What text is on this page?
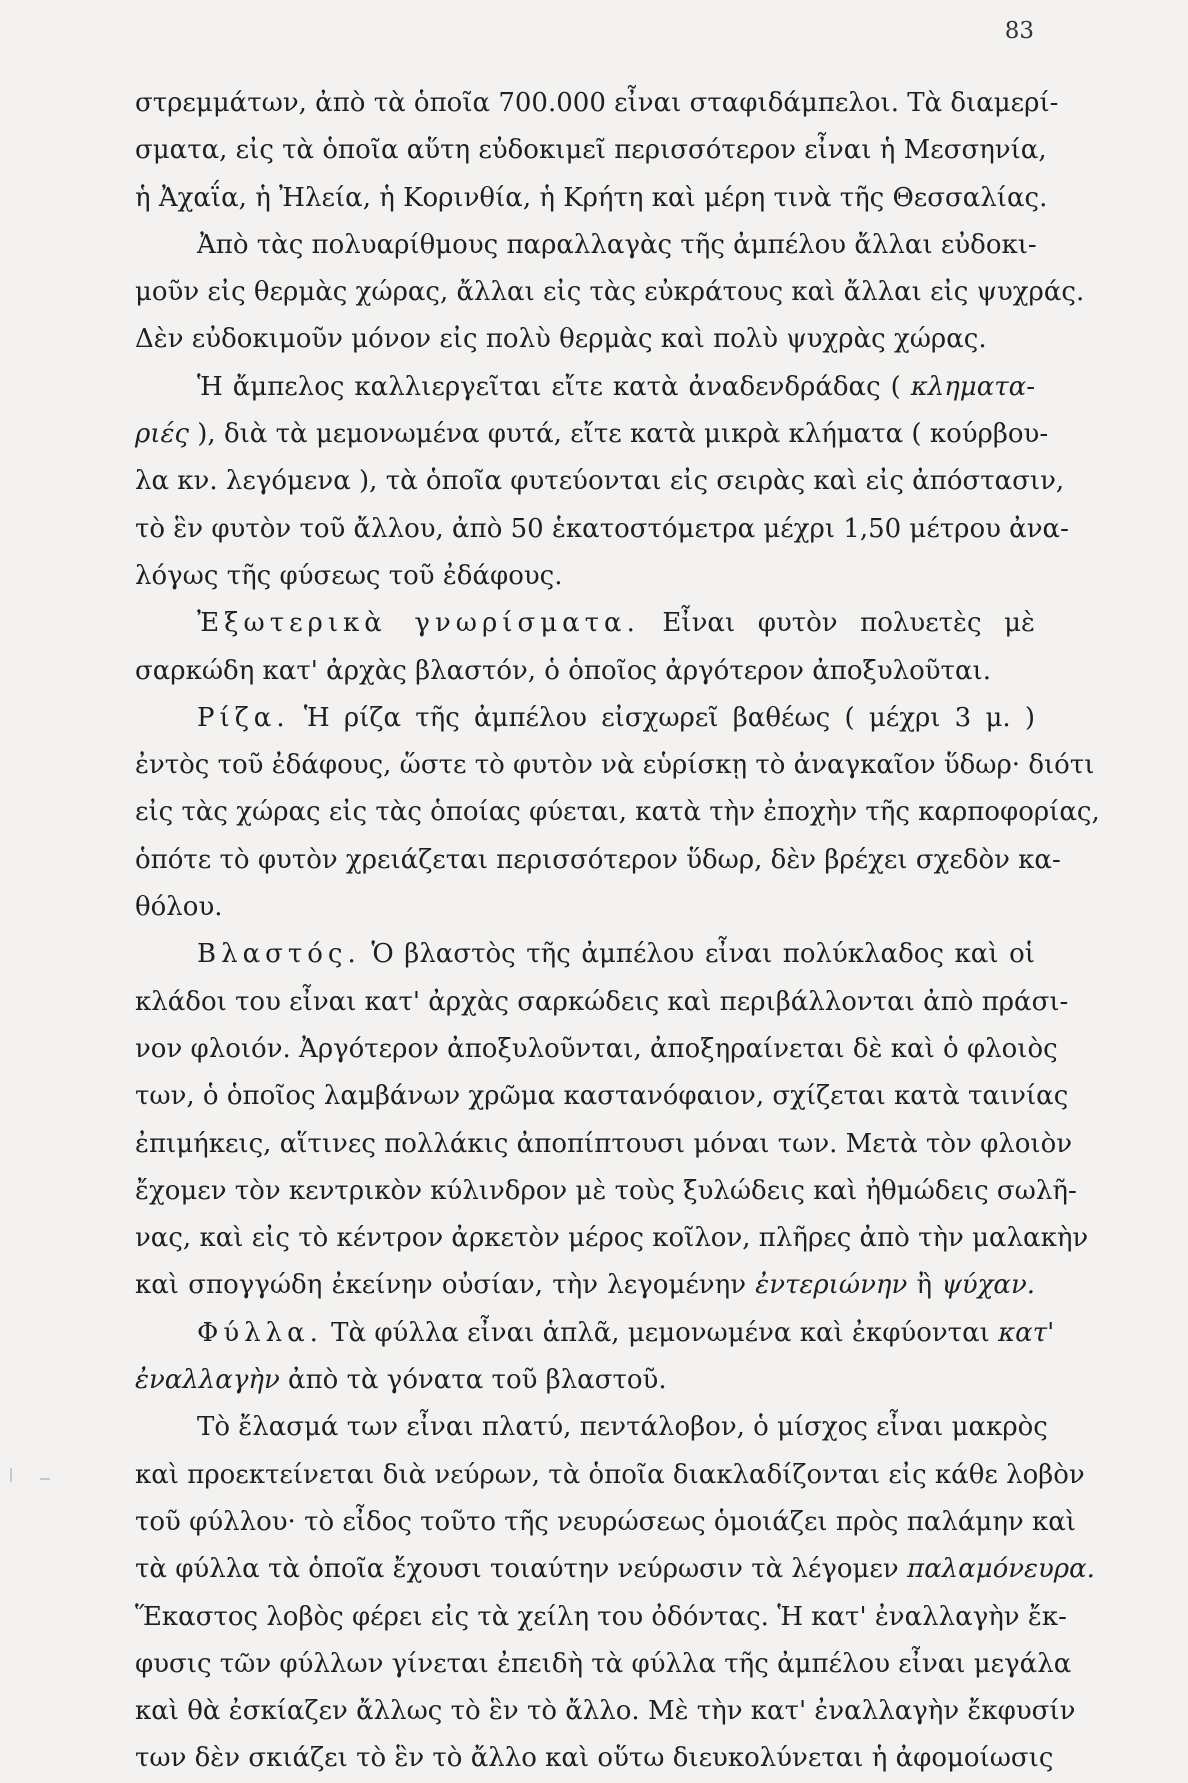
83
στρεμμάτων, ἀπὸ τὰ ὁποῖα 700.000 εἶναι σταφιδάμπελοι. Τὰ διαμερί-
σματα, εἰς τὰ ὁποῖα αὕτη εὐδοκιμεῖ περισσότερον εἶναι ἡ Μεσσηνία,
ἡ Ἀχαΐα, ἡ Ἠλεία, ἡ Κορινθία, ἡ Κρήτη καὶ μέρη τινὰ τῆς Θεσσαλίας.
Ἀπὸ τὰς πολυαρίθμους παραλλαγὰς τῆς ἀμπέλου ἄλλαι εὐδοκι-
μοῦν εἰς θερμὰς χώρας, ἄλλαι εἰς τὰς εὐκράτους καὶ ἄλλαι εἰς ψυχράς.
Δὲν εὐδοκιμοῦν μόνον εἰς πολὺ θερμὰς καὶ πολὺ ψυχρὰς χώρας.
Ἡ ἄμπελος καλλιεργεῖται εἴτε κατὰ ἀναδενδράδας ( κληματα-
ριές ), διὰ τὰ μεμονωμένα φυτά, εἴτε κατὰ μικρὰ κλήματα ( κούρβου-
λα κν. λεγόμενα ), τὰ ὁποῖα φυτεύονται εἰς σειρὰς καὶ εἰς ἀπόστασιν,
τὸ ἓν φυτὸν τοῦ ἄλλου, ἀπὸ 50 ἑκατοστόμετρα μέχρι 1,50 μέτρου ἀνα-
λόγως τῆς φύσεως τοῦ ἐδάφους.
Ἐξωτερικὰ γνωρίσματα. Εἶναι φυτὸν πολυετὲς μὲ
σαρκώδη κατ' ἀρχὰς βλαστόν, ὁ ὁποῖος ἀργότερον ἀποξυλοῦται.
Ρίζα. Ἡ ρίζα τῆς ἀμπέλου εἰσχωρεῖ βαθέως ( μέχρι 3 μ. )
ἐντὸς τοῦ ἐδάφους, ὥστε τὸ φυτὸν νὰ εὑρίσκῃ τὸ ἀναγκαῖον ὕδωρ· διότι
εἰς τὰς χώρας εἰς τὰς ὁποίας φύεται, κατὰ τὴν ἐποχὴν τῆς καρποφορίας,
ὁπότε τὸ φυτὸν χρειάζεται περισσότερον ὕδωρ, δὲν βρέχει σχεδὸν κα-
θόλου.
Βλαστός. Ὁ βλαστὸς τῆς ἀμπέλου εἶναι πολύκλαδος καὶ οἱ
κλάδοι του εἶναι κατ' ἀρχὰς σαρκώδεις καὶ περιβάλλονται ἀπὸ πράσι-
νον φλοιόν. Ἀργότερον ἀποξυλοῦνται, ἀποξηραίνεται δὲ καὶ ὁ φλοιὸς
των, ὁ ὁποῖος λαμβάνων χρῶμα καστανόφαιον, σχίζεται κατὰ ταινίας
ἐπιμήκεις, αἵτινες πολλάκις ἀποπίπτουσι μόναι των. Μετὰ τὸν φλοιὸν
ἔχομεν τὸν κεντρικὸν κύλινδρον μὲ τοὺς ξυλώδεις καὶ ἠθμώδεις σωλῆ-
νας, καὶ εἰς τὸ κέντρον ἀρκετὸν μέρος κοῖλον, πλῆρες ἀπὸ τὴν μαλακὴν
καὶ σπογγώδη ἐκείνην οὐσίαν, τὴν λεγομένην ἐντεριώνην ἢ ψύχαν.
Φύλλα. Τὰ φύλλα εἶναι ἁπλᾶ, μεμονωμένα καὶ ἐκφύονται κατ'
ἐναλλαγὴν ἀπὸ τὰ γόνατα τοῦ βλαστοῦ.
Τὸ ἔλασμά των εἶναι πλατύ, πεντάλοβον, ὁ μίσχος εἶναι μακρὸς
καὶ προεκτείνεται διὰ νεύρων, τὰ ὁποῖα διακλαδίζονται εἰς κάθε λοβὸν
τοῦ φύλλου· τὸ εἶδος τοῦτο τῆς νευρώσεως ὁμοιάζει πρὸς παλάμην καὶ
τὰ φύλλα τὰ ὁποῖα ἔχουσι τοιαύτην νεύρωσιν τὰ λέγομεν παλαμόνευρα.
Ἕκαστος λοβὸς φέρει εἰς τὰ χείλη του ὀδόντας. Ἡ κατ' ἐναλλαγὴν ἔκ-
φυσις τῶν φύλλων γίνεται ἐπειδὴ τὰ φύλλα τῆς ἀμπέλου εἶναι μεγάλα
καὶ θὰ ἐσκίαζεν ἄλλως τὸ ἓν τὸ ἄλλο. Μὲ τὴν κατ' ἐναλλαγὴν ἔκφυσίν
των δὲν σκιάζει τὸ ἓν τὸ ἄλλο καὶ οὕτω διευκολύνεται ἡ ἀφομοίωσις
